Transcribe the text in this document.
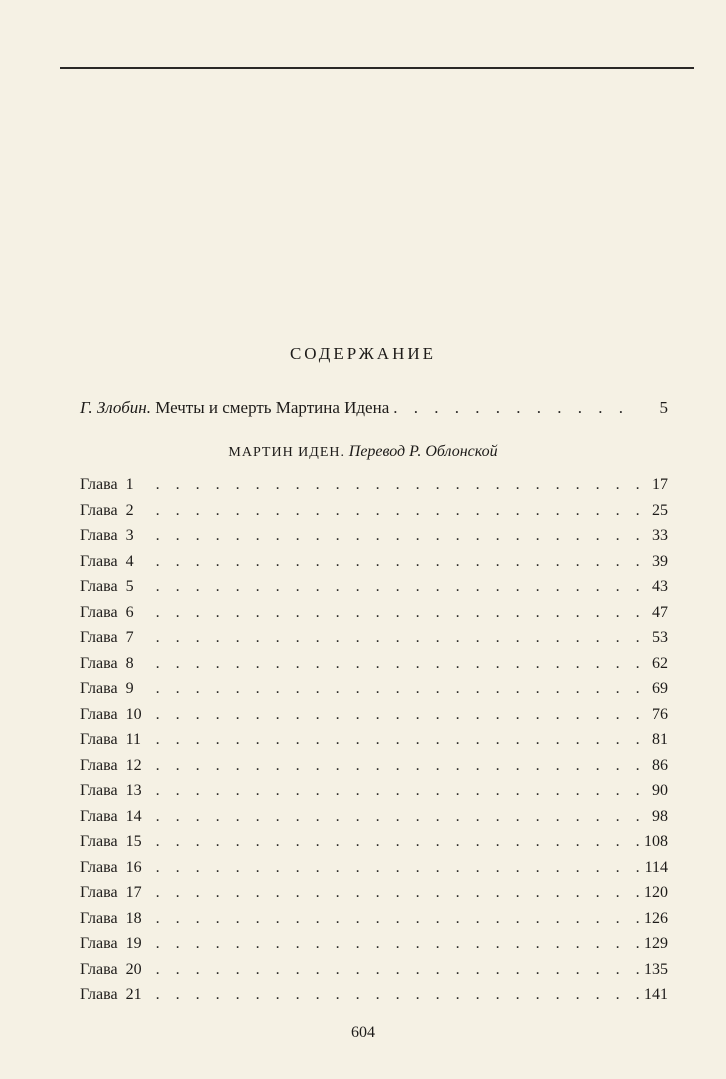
СОДЕРЖАНИЕ
Г. Злобин. Мечты и смерть Мартина Идена . . .	5
МАРТИН ИДЕН. Перевод Р. Облонской
Глава 1 . . .	17
Глава 2 . . .	25
Глава 3 . . .	33
Глава 4 . . .	39
Глава 5 . . .	43
Глава 6 . . .	47
Глава 7 . . .	53
Глава 8 . . .	62
Глава 9 . . .	69
Глава 10 . . .	76
Глава 11 . . .	81
Глава 12 . . .	86
Глава 13 . . .	90
Глава 14 . . .	98
Глава 15 . . .	108
Глава 16 . . .	114
Глава 17 . . .	120
Глава 18 . . .	126
Глава 19 . . .	129
Глава 20 . . .	135
Глава 21 . . .	141
604
